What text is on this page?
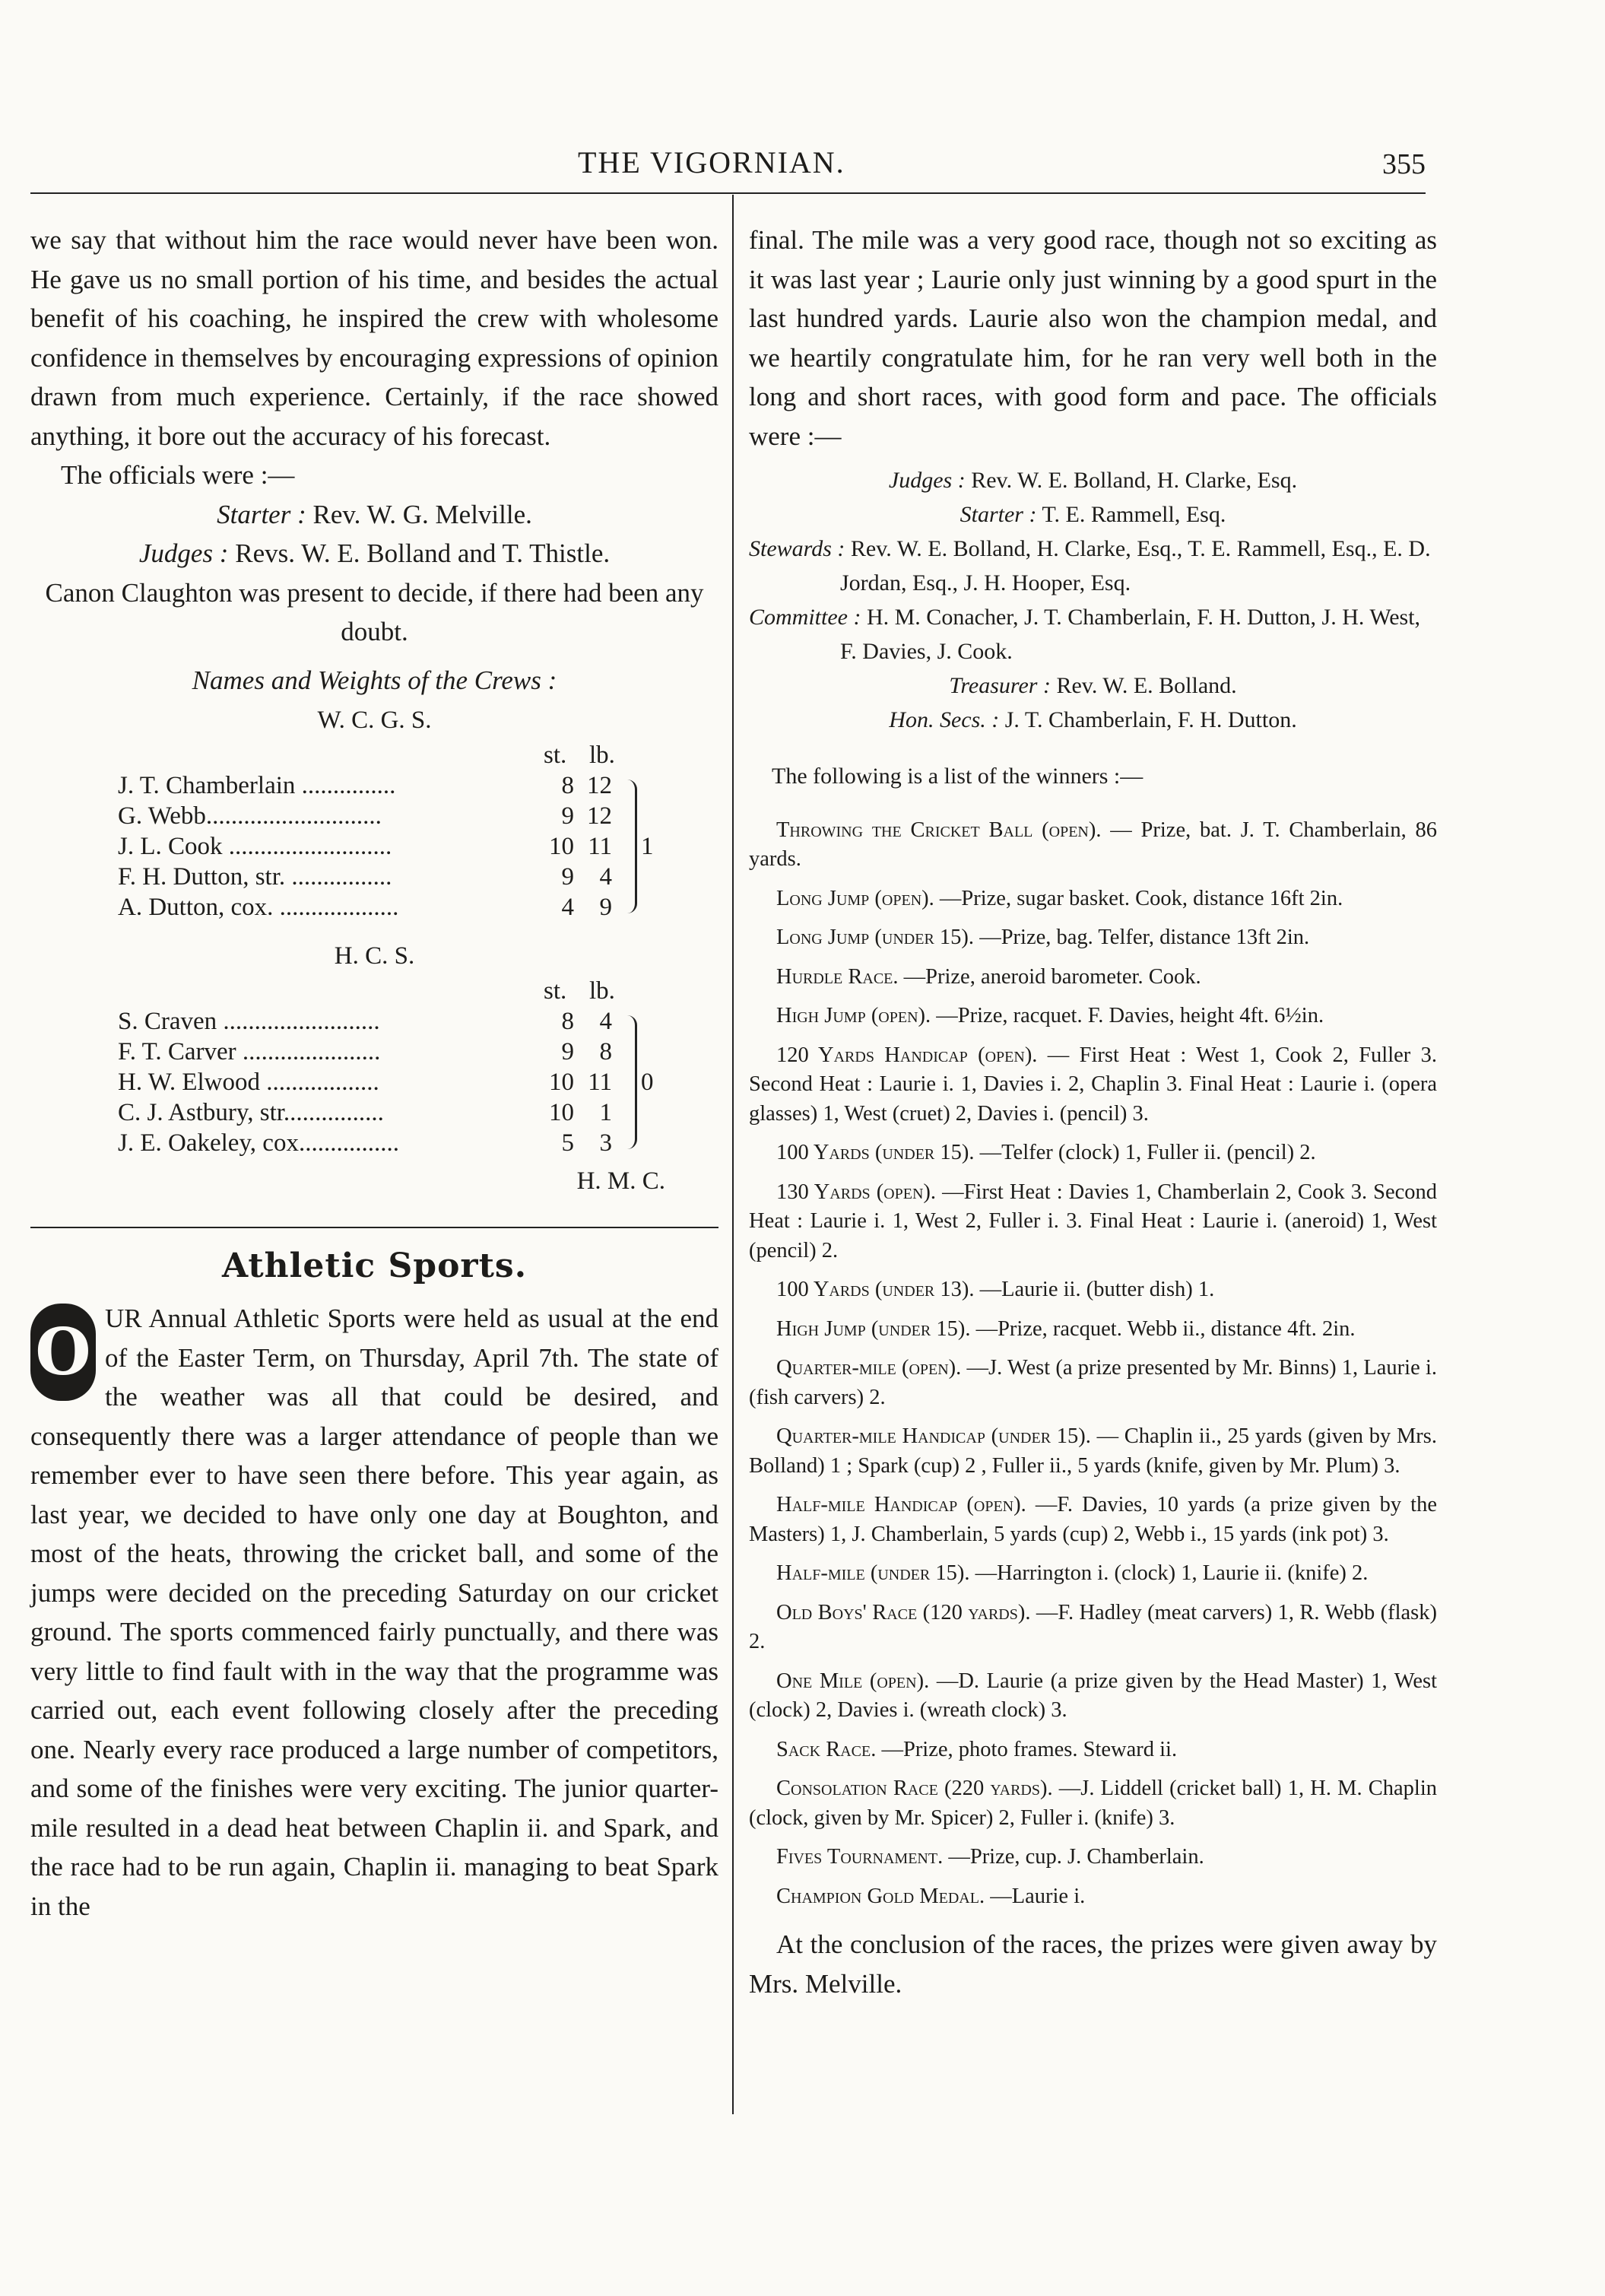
THE VIGORNIAN.	355

we say that without him the race would never have been won. He gave us no small portion of his time, and besides the actual benefit of his coaching, he inspired the crew with wholesome confidence in themselves by encouraging expressions of opinion drawn from much experience. Certainly, if the race showed anything, it bore out the accuracy of his forecast.

The officials were :—

Starter : Rev. W. G. Melville.

Judges : Revs. W. E. Bolland and T. Thistle.

Canon Claughton was present to decide, if there had been any doubt.

Names and Weights of the Crews :

W. C. G. S.
st. lb.
J. T. Chamberlain ...............	8 12
G. Webb............................	9 12
J. L. Cook ..........................	10 11
F. H. Dutton, str. ................	9	4
A. Dutton, cox. ...................	4	9
1
H. C. S.
st. lb.
S. Craven .........................	8	4
F. T. Carver ......................	9	8
H. W. Elwood ..................	10 11
C. J. Astbury, str................	10	1
J. E. Oakeley, cox................	5	3
0
H. M. C.
Athletic Sports.
O UR Annual Athletic Sports were held as usual at the end of the Easter Term, on Thursday, April 7th. The state of the weather was all that could be desired, and consequently there was a larger attendance of people than we remember ever to have seen there before. This year again, as last year, we decided to have only one day at Boughton, and most of the heats, throwing the cricket ball, and some of the jumps were decided on the preceding Saturday on our cricket ground. The sports commenced fairly punctually, and there was very little to find fault with in the way that the programme was carried out, each event following closely after the preceding one. Nearly every race produced a large number of competitors, and some of the finishes were very exciting. The junior quarter-mile resulted in a dead heat between Chaplin ii. and Spark, and the race had to be run again, Chaplin ii. managing to beat Spark in the

final. The mile was a very good race, though not so exciting as it was last year ; Laurie only just winning by a good spurt in the last hundred yards. Laurie also won the champion medal, and we heartily congratulate him, for he ran very well both in the long and short races, with good form and pace. The officials were :—

Judges : Rev. W. E. Bolland, H. Clarke, Esq.

Starter : T. E. Rammell, Esq.

Stewards : Rev. W. E. Bolland, H. Clarke, Esq., T. E. Rammell, Esq., E. D. Jordan, Esq., J. H. Hooper, Esq.

Committee : H. M. Conacher, J. T. Chamberlain, F. H. Dutton, J. H. West, F. Davies, J. Cook.

Treasurer : Rev. W. E. Bolland.

Hon. Secs. : J. T. Chamberlain, F. H. Dutton.

The following is a list of the winners :—

Throwing the Cricket Ball (open). — Prize, bat. J. T. Chamberlain, 86 yards.

Long Jump (open). —Prize, sugar basket. Cook, distance 16ft 2in.

Long Jump (under 15). —Prize, bag. Telfer, distance 13ft 2in.

Hurdle Race. —Prize, aneroid barometer. Cook.

High Jump (open). —Prize, racquet. F. Davies, height 4ft. 6½in.

120 Yards Handicap (open). — First Heat : West 1, Cook 2, Fuller 3. Second Heat : Laurie i. 1, Davies i. 2, Chaplin 3. Final Heat : Laurie i. (opera glasses) 1, West (cruet) 2, Davies i. (pencil) 3.

100 Yards (under 15). —Telfer (clock) 1, Fuller ii. (pencil) 2.

130 Yards (open). —First Heat : Davies 1, Chamberlain 2, Cook 3. Second Heat : Laurie i. 1, West 2, Fuller i. 3. Final Heat : Laurie i. (aneroid) 1, West (pencil) 2.

100 Yards (under 13). —Laurie ii. (butter dish) 1.

High Jump (under 15). —Prize, racquet. Webb ii., distance 4ft. 2in.

Quarter-mile (open). —J. West (a prize presented by Mr. Binns) 1, Laurie i. (fish carvers) 2.

Quarter-mile Handicap (under 15). — Chaplin ii., 25 yards (given by Mrs. Bolland) 1 ; Spark (cup) 2 , Fuller ii., 5 yards (knife, given by Mr. Plum) 3.

Half-mile Handicap (open). —F. Davies, 10 yards (a prize given by the Masters) 1, J. Chamberlain, 5 yards (cup) 2, Webb i., 15 yards (ink pot) 3.

Half-mile (under 15). —Harrington i. (clock) 1, Laurie ii. (knife) 2.

Old Boys' Race (120 yards). —F. Hadley (meat carvers) 1, R. Webb (flask) 2.

One Mile (open). —D. Laurie (a prize given by the Head Master) 1, West (clock) 2, Davies i. (wreath clock) 3.

Sack Race. —Prize, photo frames. Steward ii.

Consolation Race (220 yards). —J. Liddell (cricket ball) 1, H. M. Chaplin (clock, given by Mr. Spicer) 2, Fuller i. (knife) 3.

Fives Tournament. —Prize, cup. J. Chamberlain.

Champion Gold Medal. —Laurie i.

At the conclusion of the races, the prizes were given away by Mrs. Melville.
